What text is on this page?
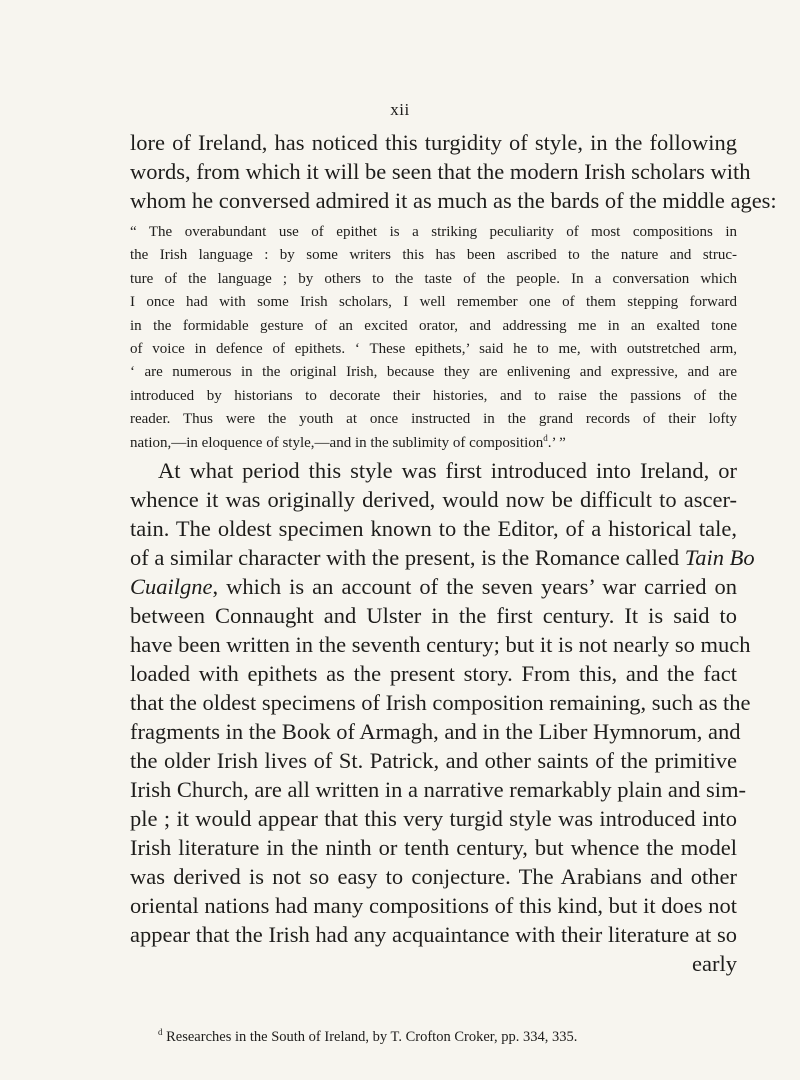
xii
lore of Ireland, has noticed this turgidity of style, in the following
words, from which it will be seen that the modern Irish scholars with
whom he conversed admired it as much as the bards of the middle ages:
“ The overabundant use of epithet is a striking peculiarity of most compositions in
the Irish language : by some writers this has been ascribed to the nature and struc-
ture of the language ; by others to the taste of the people. In a conversation which
I once had with some Irish scholars, I well remember one of them stepping forward
in the formidable gesture of an excited orator, and addressing me in an exalted tone
of voice in defence of epithets. ‘ These epithets,’ said he to me, with outstretched arm,
‘ are numerous in the original Irish, because they are enlivening and expressive, and are
introduced by historians to decorate their histories, and to raise the passions of the
reader. Thus were the youth at once instructed in the grand records of their lofty
nation,—in eloquence of style,—and in the sublimity of composition$^d$.’ ”
At what period this style was first introduced into Ireland, or
whence it was originally derived, would now be difficult to ascer-
tain. The oldest specimen known to the Editor, of a historical tale,
of a similar character with the present, is the Romance called Tain Bo
Cuailgne, which is an account of the seven years’ war carried on
between Connaught and Ulster in the first century. It is said to
have been written in the seventh century; but it is not nearly so much
loaded with epithets as the present story. From this, and the fact
that the oldest specimens of Irish composition remaining, such as the
fragments in the Book of Armagh, and in the Liber Hymnorum, and
the older Irish lives of St. Patrick, and other saints of the primitive
Irish Church, are all written in a narrative remarkably plain and sim-
ple ; it would appear that this very turgid style was introduced into
Irish literature in the ninth or tenth century, but whence the model
was derived is not so easy to conjecture. The Arabians and other
oriental nations had many compositions of this kind, but it does not
appear that the Irish had any acquaintance with their literature at so
early
$^d$ Researches in the South of Ireland, by T. Crofton Croker, pp. 334, 335.
